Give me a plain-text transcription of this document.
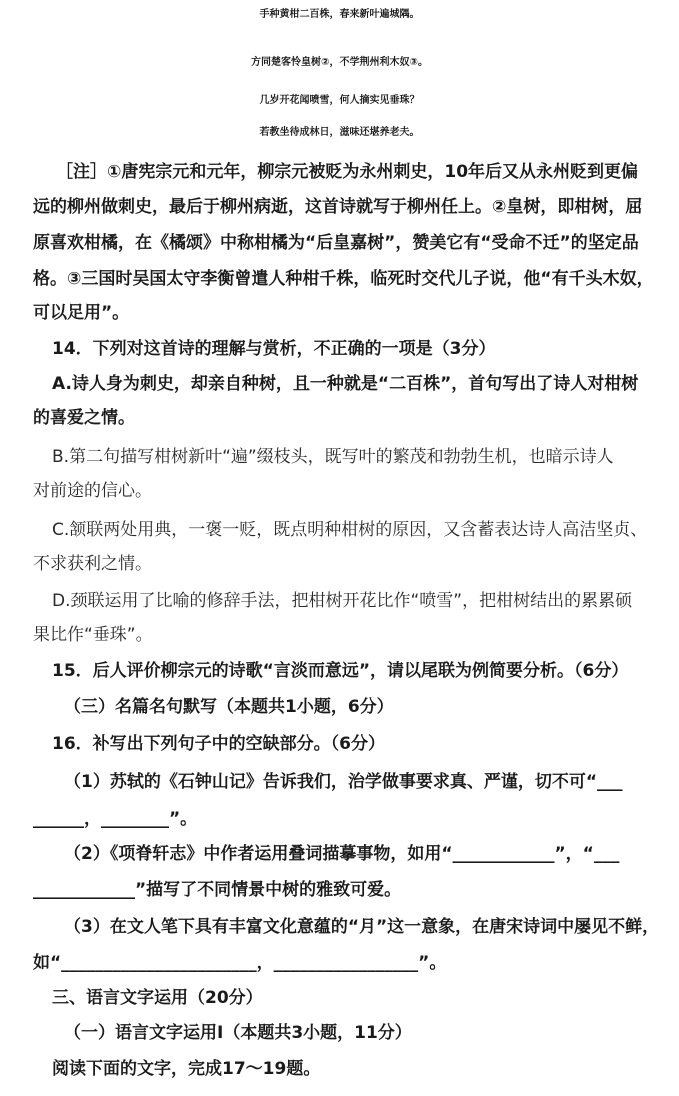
手种黄柑二百株，春来新叶遍城隅。

方同楚客怜皇树②，不学荆州利木奴③。

几岁开花闻喷雪，何人摘实见垂珠？

若教坐待成林日，滋味还堪养老夫。

［注］①唐宪宗元和元年，柳宗元被贬为永州刺史，10年后又从永州贬到更偏

远的柳州做刺史，最后于柳州病逝，这首诗就写于柳州任上。②皇树，即柑树，屈

原喜欢柑橘，在《橘颂》中称柑橘为“后皇嘉树”，赞美它有“受命不迁”的坚定品

格。③三国时吴国太守李衡曾遣人种柑千株，临死时交代儿子说，他“有千头木奴，

可以足用”。

14．下列对这首诗的理解与赏析，不正确的一项是（3分）

A.诗人身为刺史，却亲自种树，且一种就是“二百株”，首句写出了诗人对柑树

的喜爱之情。

B.第二句描写柑树新叶“遍”缀枝头，既写叶的繁茂和勃勃生机，也暗示诗人

对前途的信心。

C.颔联两处用典，一褒一贬，既点明种柑树的原因，又含蓄表达诗人高洁坚贞、

不求获利之情。

D.颈联运用了比喻的修辞手法，把柑树开花比作“喷雪”，把柑树结出的累累硕

果比作“垂珠”。

15．后人评价柳宗元的诗歌“言淡而意远”，请以尾联为例简要分析。（6分）

（三）名篇名句默写（本题共1小题，6分）

16．补写出下列句子中的空缺部分。（6分）

（1）苏轼的《石钟山记》告诉我们，治学做事要求真、严谨，切不可“___

______，________”。

（2）《项脊轩志》中作者运用叠词描摹事物，如用“____________”，“___

____________”描写了不同情景中树的雅致可爱。

（3）在文人笔下具有丰富文化意蕴的“月”这一意象，在唐宋诗词中屡见不鲜，

如“_______________________，_________________”。

三、语言文字运用（20分）

（一）语言文字运用Ⅰ（本题共3小题，11分）

阅读下面的文字，完成17～19题。
